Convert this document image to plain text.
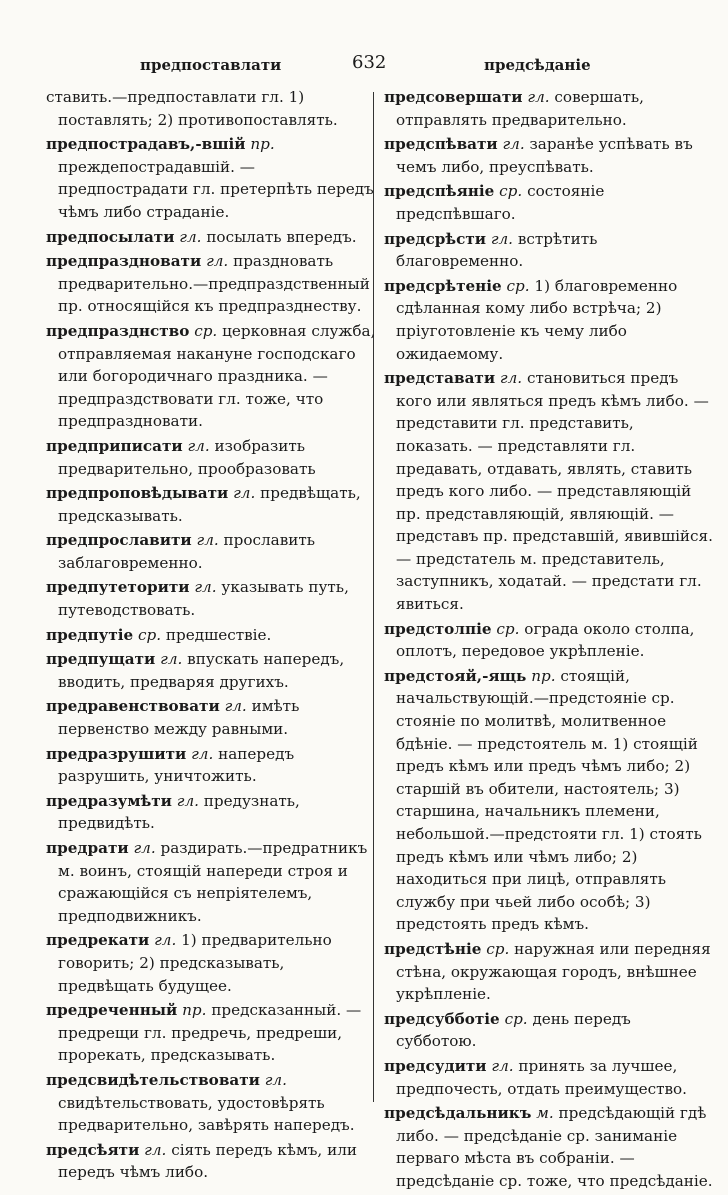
предпоставлати	632	предсѣданіе
ставить.—предпоставлати гл. 1) поставлять; 2) противопоставлять.
предпострадавъ,-вшій пр. преждепострадавшій. — предпострадати гл. претерпѣть передъ чѣмъ либо страданіе.
предпосылати гл. посылать впередъ.
предпраздновати гл. праздновать предварительно.—предпраздственный пр. относящійся къ предпразднеству.
предпразднство ср. церковная служба, отправляемая накануне господскаго или богородичнаго праздника. — предпраздствовати гл. тоже, что предпраздновати.
предприписати гл. изобразить предварительно, прообразовать
предпроповѣдывати гл. предвѣщать, предсказывать.
предпрославити гл. прославить заблаговременно.
предпутеторити гл. указывать путь, путеводствовать.
предпутіе ср. предшествіе.
предпущати гл. впускать напередъ, вводить, предваряя другихъ.
предравенствовати гл. имѣть первенство между равными.
предразрушити гл. напередъ разрушить, уничтожить.
предразумѣти гл. предузнать, предвидѣть.
предрати гл. раздирать.—предратникъ м. воинъ, стоящій напереди строя и сражающійся съ непріятелемъ, предподвижникъ.
предрекати гл. 1) предварительно говорить; 2) предсказывать, предвѣщать будущее.
предреченный пр. предсказанный. — предрещи гл. предречь, предреши, прорекать, предсказывать.
предсвидѣтельствовати гл. свидѣтельствовать, удостовѣрять предварительно, завѣрять напередъ.
предсѣяти гл. сіять передъ кѣмъ, или передъ чѣмъ либо.
предсовершати гл. совершать, отправлять предварительно.
предспѣвати гл. заранѣе успѣвать въ чемъ либо, преуспѣвать.
предспѣяніе ср. состояніе предспѣвшаго.
предсрѣсти гл. встрѣтить благовременно.
предсрѣтеніе ср. 1) благовременно сдѣланная кому либо встрѣча; 2) пріуготовленіе къ чему либо ожидаемому.
представати гл. становиться предъ кого или являться предъ кѣмъ либо. —представити гл. представить, показать. — представляти гл. предавать, отдавать, являть, ставить предъ кого либо. — представляющій пр. представляющій, являющій. — представъ пр. представшій, явившійся. — предстатель м. представитель, заступникъ, ходатай. — предстати гл. явиться.
предстолпіе ср. ограда около столпа, оплотъ, передовое укрѣпленіе.
предстояй,-ящь пр. стоящій, начальствующій.—предстояніе ср. стояніе по молитвѣ, молитвенное бдѣніе. — предстоятель м. 1) стоящій предъ кѣмъ или предъ чѣмъ либо; 2) старшій въ обители, настоятель; 3) старшина, начальникъ племени, небольшой.—предстояти гл. 1) стоять предъ кѣмъ или чѣмъ либо; 2) находиться при лицѣ, отправлять службу при чьей либо особѣ; 3) предстоять предъ кѣмъ.
предстѣніе ср. наружная или передняя стѣна, окружающая городъ, внѣшнее укрѣпленіе.
предсубботіе ср. день передъ субботою.
предсудити гл. принять за лучшее, предпочесть, отдать преимущество.
предсѣдальникъ м. предсѣдающій гдѣ либо. — предсѣданіе ср. заниманіе перваго мѣста въ собраніи. — предсѣданіе ср. тоже, что предсѣданіе.
